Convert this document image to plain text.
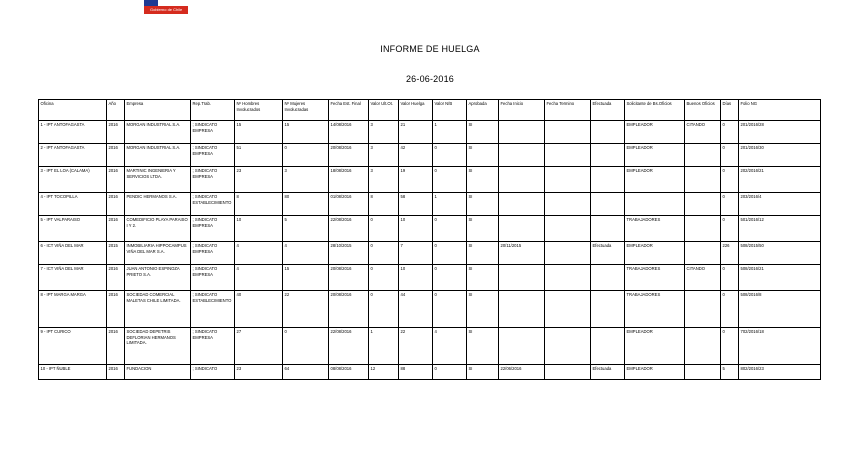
Gobierno de Chile
INFORME DE HUELGA
26-06-2016
Oficina	Año	Empresa	Rep.Trab.	Nº Hombres Involucrados	Nº Mujeres Involucradas	Fecha Est. Final	Valor Ult.Ot.	Valor Huelga	Valor N/B	Aprobada	Fecha Inicio	Fecha Termino	Efectuada	Solicitante de Bs.Oficios	Buenos Oficios	Días	Folio NG
1 - IPT ANTOFAGASTA	2016	MORGAN INDUSTRIAL S.A.	; SINDICATO EMPRESA	15	15	14/08/2016	3	21	1	SI				EMPLEADOR	CITANDO	0	201/2016/28
2 - IPT ANTOFAGASTA	2016	MORGAN INDUSTRIAL S.A.	; SINDICATO EMPRESA	51	0	20/08/2016	3	42	0	SI				EMPLEADOR		0	201/2016/30
3 - IPT EL LOA (CALAMA)	2016	MARTINIC INGENIERIA Y SERVICIOS LTDA.	; SINDICATO EMPRESA	23	3	18/08/2016	3	19	0	SI				EMPLEADOR		0	202/2016/21
4 - IPT TOCOPILLA	2016	PENDIC HERMANOS S.A.	; SINDICATO ESTABLECIMIENTO	8	80	01/08/2016	8	58	1	SI						0	203/2016/4
5 - IPT VALPARAISO	2016	COMEDIFICIO PLAYA PARAISO I Y 2.	; SINDICATO EMPRESA	10	5	22/08/2016	0	10	0	SI				TRABAJADORES		0	501/2016/12
6 - ICT VIÑA DEL MAR	2015	INMOBILIARIA HIPPOCAMPUS VIÑA DEL MAR S.A.	; SINDICATO EMPRESA	4	4	28/10/2015	0	7	0	SI	20/11/2015		Efectuada	EMPLEADOR		226	508/2015/50
7 - ICT VIÑA DEL MAR	2016	JUAN ANTONIO ESPINOZA PRIETO S.A.	; SINDICATO EMPRESA	4	15	20/08/2016	0	10	0	SI				TRABAJADORES	CITANDO	0	508/2016/21
8 - IPT MARGA MARGA	2016	SOCIEDAD COMERCIAL MALETAS CHILE LIMITADA.	; SINDICATO ESTABLECIMIENTO	40	22	20/08/2016	0	44	0	SI				TRABAJADORES		0	508/2016/8
9 - IPT CURICO	2016	SOCIEDAD DEPETRIS DEFLORIAN HERMANOS LIMITADA.	; SINDICATO EMPRESA	27	0	22/08/2016	1	22	4	SI				EMPLEADOR		0	702/2016/18
10 - IPT ÑUBLE	2016	FUNDACION	; SINDICATO	23	64	08/08/2016	12	88	0	SI	22/06/2016		Efectuada	EMPLEADOR		5	802/2016/23
